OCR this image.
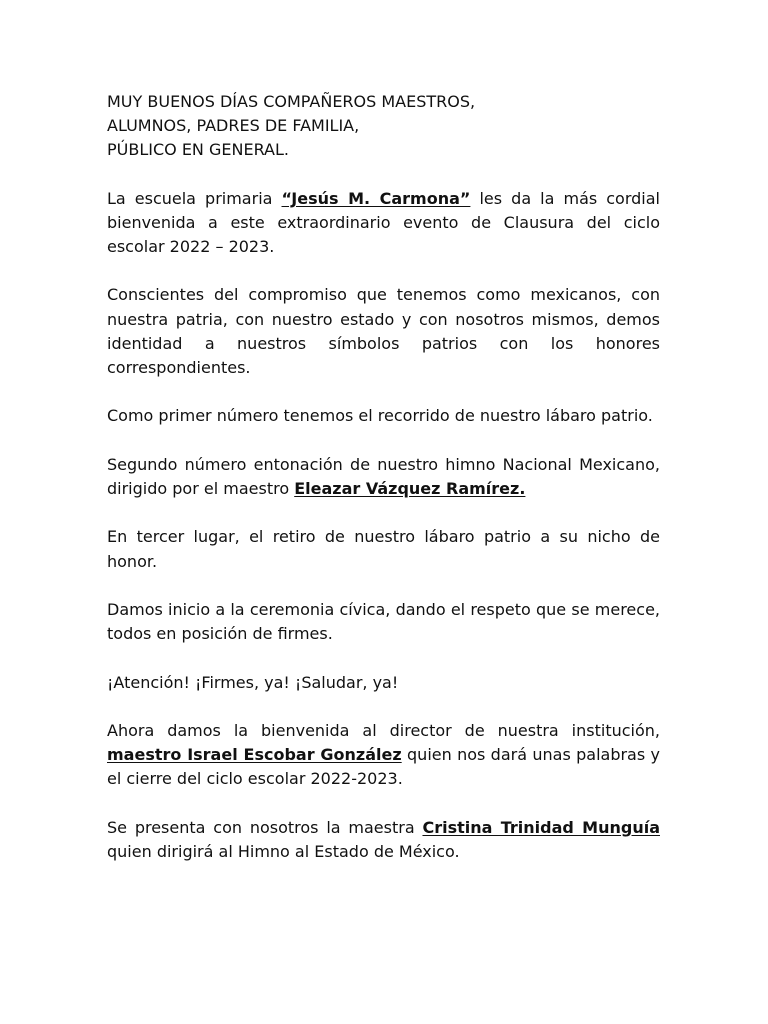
MUY BUENOS DÍAS COMPAÑEROS MAESTROS,
ALUMNOS, PADRES DE FAMILIA,
PÚBLICO EN GENERAL.

La escuela primaria “Jesús M. Carmona” les da la más cordial bienvenida a este extraordinario evento de Clausura del ciclo escolar 2022 – 2023.

Conscientes del compromiso que tenemos como mexicanos, con nuestra patria, con nuestro estado y con nosotros mismos, demos identidad a nuestros símbolos patrios con los honores correspondientes.

Como primer número tenemos el recorrido de nuestro lábaro patrio.

Segundo número entonación de nuestro himno Nacional Mexicano, dirigido por el maestro Eleazar Vázquez Ramírez.

En tercer lugar, el retiro de nuestro lábaro patrio a su nicho de honor.

Damos inicio a la ceremonia cívica, dando el respeto que se merece, todos en posición de firmes.

¡Atención! ¡Firmes, ya! ¡Saludar, ya!

Ahora damos la bienvenida al director de nuestra institución, maestro Israel Escobar González quien nos dará unas palabras y el cierre del ciclo escolar 2022-2023.

Se presenta con nosotros la maestra Cristina Trinidad Munguía quien dirigirá al Himno al Estado de México.
